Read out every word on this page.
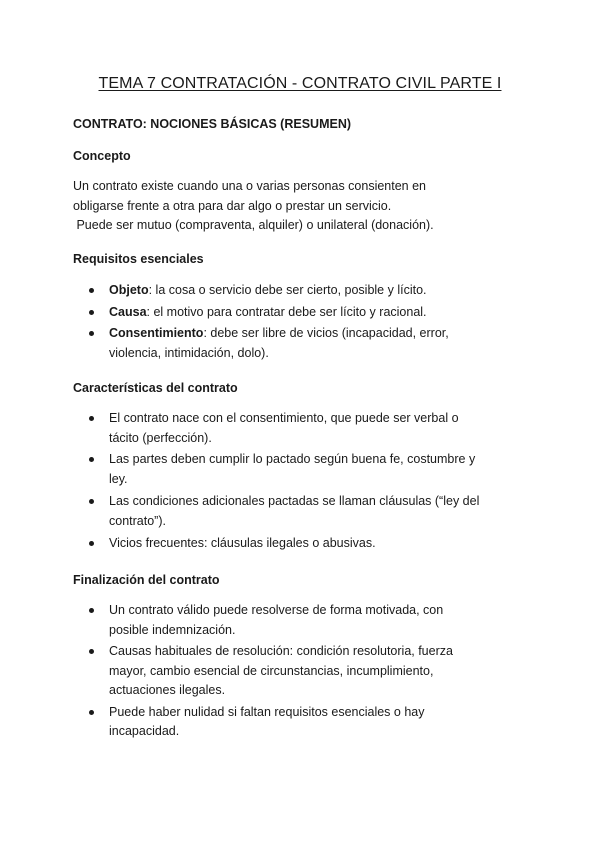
TEMA 7 CONTRATACIÓN - CONTRATO CIVIL PARTE I
CONTRATO: NOCIONES BÁSICAS (RESUMEN)
Concepto
Un contrato existe cuando una o varias personas consienten en
obligarse frente a otra para dar algo o prestar un servicio.
Puede ser mutuo (compraventa, alquiler) o unilateral (donación).
Requisitos esenciales
Objeto: la cosa o servicio debe ser cierto, posible y lícito.
Causa: el motivo para contratar debe ser lícito y racional.
Consentimiento: debe ser libre de vicios (incapacidad, error,
violencia, intimidación, dolo).
Características del contrato
El contrato nace con el consentimiento, que puede ser verbal o
tácito (perfección).
Las partes deben cumplir lo pactado según buena fe, costumbre y
ley.
Las condiciones adicionales pactadas se llaman cláusulas (“ley del
contrato”).
Vicios frecuentes: cláusulas ilegales o abusivas.
Finalización del contrato
Un contrato válido puede resolverse de forma motivada, con
posible indemnización.
Causas habituales de resolución: condición resolutoria, fuerza
mayor, cambio esencial de circunstancias, incumplimiento,
actuaciones ilegales.
Puede haber nulidad si faltan requisitos esenciales o hay
incapacidad.
